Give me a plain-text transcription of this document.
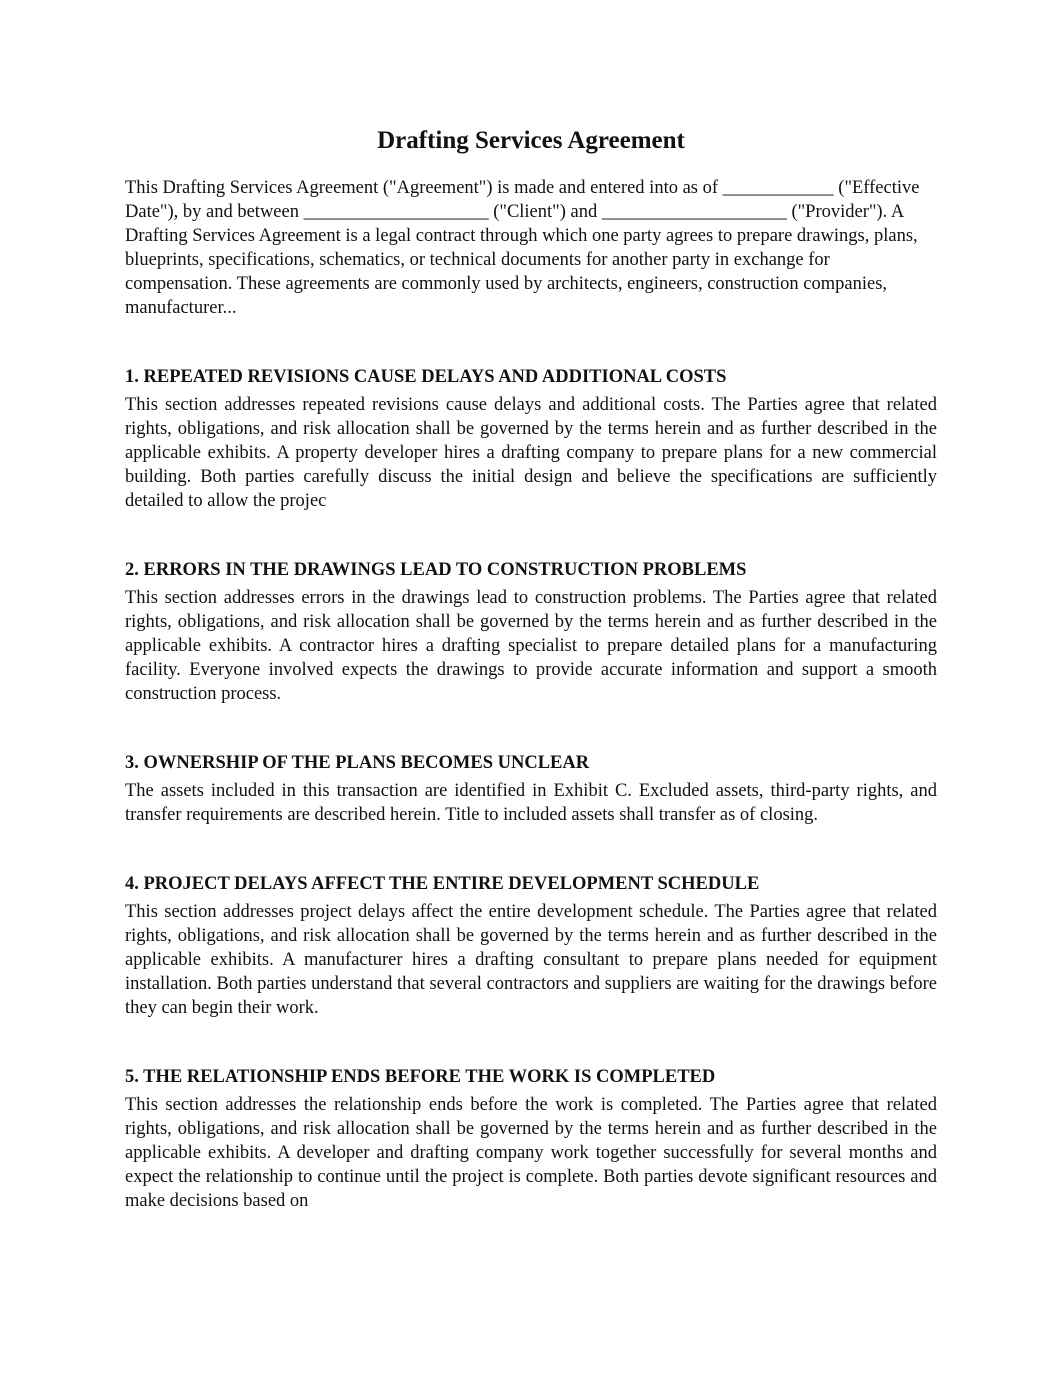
Drafting Services Agreement

This Drafting Services Agreement ("Agreement") is made and entered into as of ____________ ("Effective Date"), by and between ____________________ ("Client") and ____________________ ("Provider"). A Drafting Services Agreement is a legal contract through which one party agrees to prepare drawings, plans, blueprints, specifications, schematics, or technical documents for another party in exchange for compensation. These agreements are commonly used by architects, engineers, construction companies, manufacturer...

1. REPEATED REVISIONS CAUSE DELAYS AND ADDITIONAL COSTS

This section addresses repeated revisions cause delays and additional costs. The Parties agree that related rights, obligations, and risk allocation shall be governed by the terms herein and as further described in the applicable exhibits. A property developer hires a drafting company to prepare plans for a new commercial building. Both parties carefully discuss the initial design and believe the specifications are sufficiently detailed to allow the projec

2. ERRORS IN THE DRAWINGS LEAD TO CONSTRUCTION PROBLEMS

This section addresses errors in the drawings lead to construction problems. The Parties agree that related rights, obligations, and risk allocation shall be governed by the terms herein and as further described in the applicable exhibits. A contractor hires a drafting specialist to prepare detailed plans for a manufacturing facility. Everyone involved expects the drawings to provide accurate information and support a smooth construction process.

3. OWNERSHIP OF THE PLANS BECOMES UNCLEAR

The assets included in this transaction are identified in Exhibit C. Excluded assets, third-party rights, and transfer requirements are described herein. Title to included assets shall transfer as of closing.

4. PROJECT DELAYS AFFECT THE ENTIRE DEVELOPMENT SCHEDULE

This section addresses project delays affect the entire development schedule. The Parties agree that related rights, obligations, and risk allocation shall be governed by the terms herein and as further described in the applicable exhibits. A manufacturer hires a drafting consultant to prepare plans needed for equipment installation. Both parties understand that several contractors and suppliers are waiting for the drawings before they can begin their work.

5. THE RELATIONSHIP ENDS BEFORE THE WORK IS COMPLETED

This section addresses the relationship ends before the work is completed. The Parties agree that related rights, obligations, and risk allocation shall be governed by the terms herein and as further described in the applicable exhibits. A developer and drafting company work together successfully for several months and expect the relationship to continue until the project is complete. Both parties devote significant resources and make decisions based on
